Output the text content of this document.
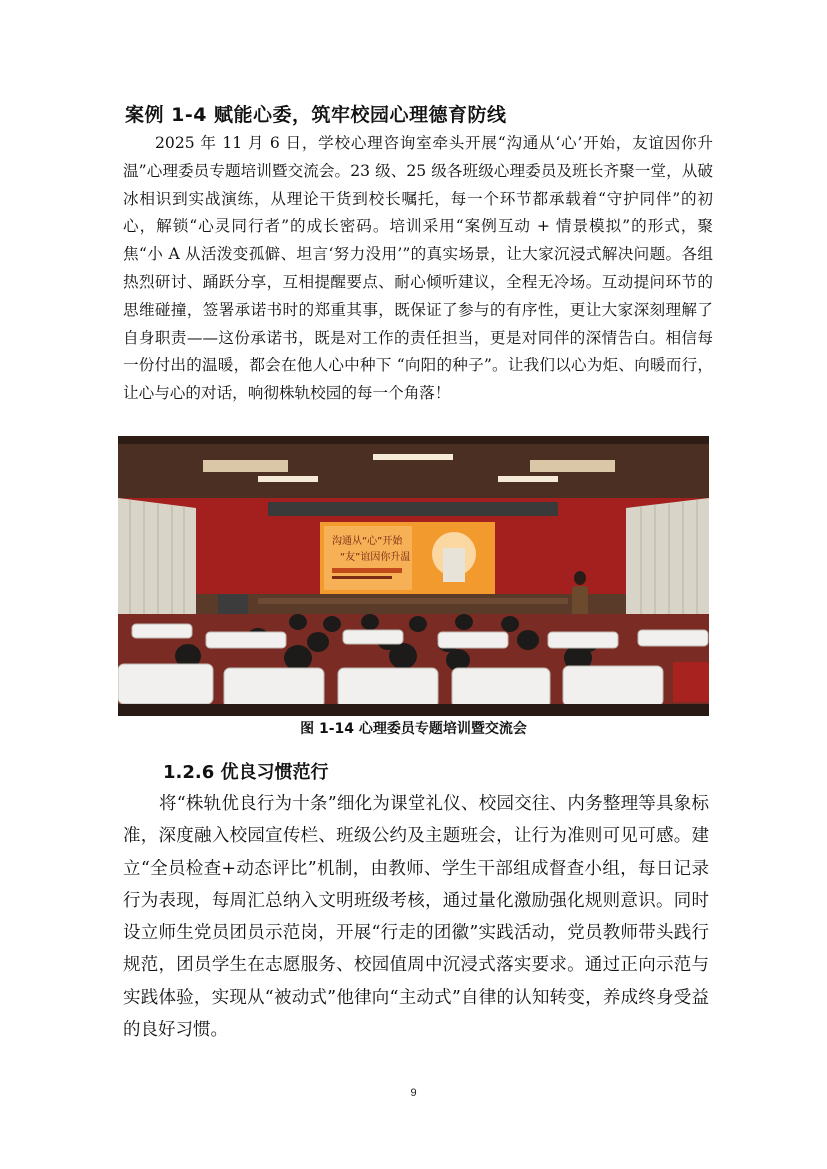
案例 1-4 赋能心委，筑牢校园心理德育防线

2025 年 11 月 6 日，学校心理咨询室牵头开展“沟通从‘心’开始，友谊因你升温”心理委员专题培训暨交流会。23 级、25 级各班级心理委员及班长齐聚一堂，从破冰相识到实战演练，从理论干货到校长嘱托，每一个环节都承载着“守护同伴”的初心，解锁“心灵同行者”的成长密码。培训采用“案例互动 + 情景模拟”的形式，聚焦“小 A 从活泼变孤僻、坦言‘努力没用’”的真实场景，让大家沉浸式解决问题。各组热烈研讨、踊跃分享，互相提醒要点、耐心倾听建议，全程无冷场。互动提问环节的思维碰撞，签署承诺书时的郑重其事，既保证了参与的有序性，更让大家深刻理解了自身职责——这份承诺书，既是对工作的责任担当，更是对同伴的深情告白。相信每一份付出的温暖，都会在他人心中种下 “向阳的种子”。让我们以心为炬、向暖而行，让心与心的对话，响彻株轨校园的每一个角落！

沟通从“心”开始
“友”谊因你升温

图 1-14 心理委员专题培训暨交流会

1.2.6 优良习惯范行

将“株轨优良行为十条”细化为课堂礼仪、校园交往、内务整理等具象标准，深度融入校园宣传栏、班级公约及主题班会，让行为准则可见可感。建立“全员检查+动态评比”机制，由教师、学生干部组成督查小组，每日记录行为表现，每周汇总纳入文明班级考核，通过量化激励强化规则意识。同时设立师生党员团员示范岗，开展“行走的团徽”实践活动，党员教师带头践行规范，团员学生在志愿服务、校园值周中沉浸式落实要求。通过正向示范与实践体验，实现从“被动式”他律向“主动式”自律的认知转变，养成终身受益的良好习惯。

9
